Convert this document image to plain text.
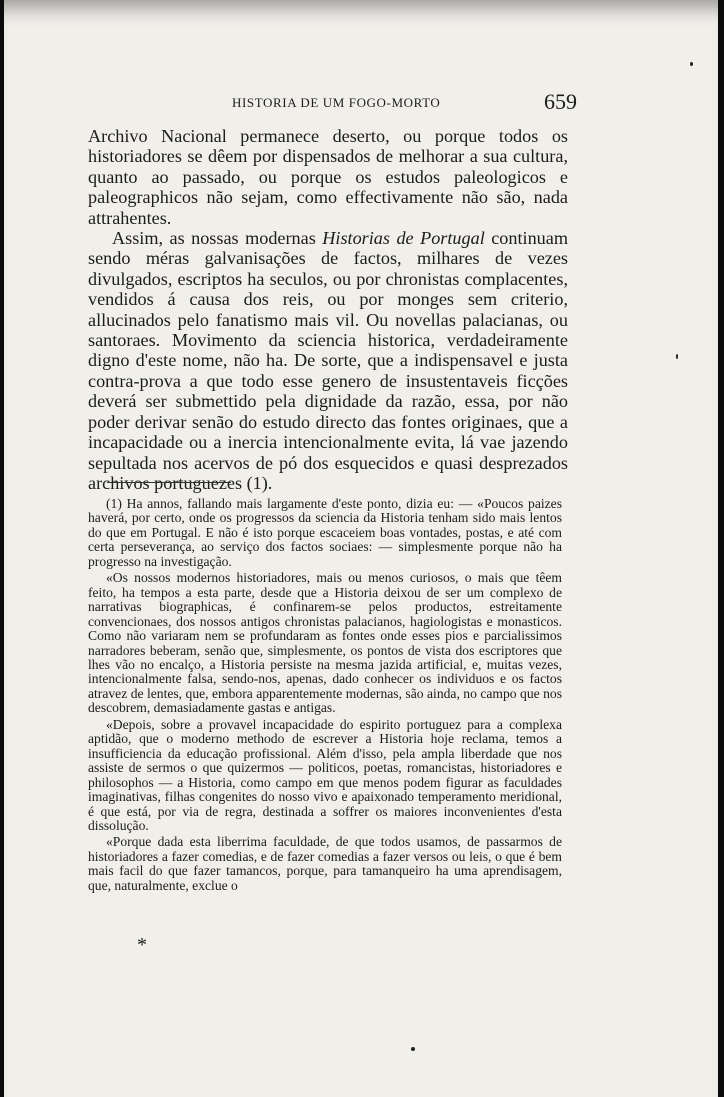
HISTORIA DE UM FOGO-MORTO	659

Archivo Nacional permanece deserto, ou porque todos os historiadores se dêem por dispensados de melhorar a sua cultura, quanto ao passado, ou porque os estudos paleologicos e paleographicos não sejam, como effectivamente não são, nada attrahentes.

Assim, as nossas modernas Historias de Portugal continuam sendo méras galvanisações de factos, milhares de vezes divulgados, escriptos ha seculos, ou por chronistas complacentes, vendidos á causa dos reis, ou por monges sem criterio, allucinados pelo fanatismo mais vil. Ou novellas palacianas, ou santoraes. Movimento da sciencia historica, verdadeiramente digno d'este nome, não ha. De sorte, que a indispensavel e justa contra-prova a que todo esse genero de insustentaveis ficções deverá ser submettido pela dignidade da razão, essa, por não poder derivar senão do estudo directo das fontes originaes, que a incapacidade ou a inercia intencionalmente evita, lá vae jazendo sepultada nos acervos de pó dos esquecidos e quasi desprezados archivos portuguezes (1).

(1) Ha annos, fallando mais largamente d'este ponto, dizia eu: — «Poucos paizes haverá, por certo, onde os progressos da sciencia da Historia tenham sido mais lentos do que em Portugal. E não é isto porque escaceiem boas vontades, postas, e até com certa perseverança, ao serviço dos factos sociaes: — simplesmente porque não ha progresso na investigação.

«Os nossos modernos historiadores, mais ou menos curiosos, o mais que têem feito, ha tempos a esta parte, desde que a Historia deixou de ser um complexo de narrativas biographicas, é confinarem-se pelos productos, estreitamente convencionaes, dos nossos antigos chronistas palacianos, hagiologistas e monasticos. Como não variaram nem se profundaram as fontes onde esses pios e parcialissimos narradores beberam, senão que, simplesmente, os pontos de vista dos escriptores que lhes vão no encalço, a Historia persiste na mesma jazida artificial, e, muitas vezes, intencionalmente falsa, sendo-nos, apenas, dado conhecer os individuos e os factos atravez de lentes, que, embora apparentemente modernas, são ainda, no campo que nos descobrem, demasiadamente gastas e antigas.

«Depois, sobre a provavel incapacidade do espirito portuguez para a complexa aptidão, que o moderno methodo de escrever a Historia hoje reclama, temos a insufficiencia da educação profissional. Além d'isso, pela ampla liberdade que nos assiste de sermos o que quizermos — politicos, poetas, romancistas, historiadores e philosophos — a Historia, como campo em que menos podem figurar as faculdades imaginativas, filhas congenites do nosso vivo e apaixonado temperamento meridional, é que está, por via de regra, destinada a soffrer os maiores inconvenientes d'esta dissolução.

«Porque dada esta liberrima faculdade, de que todos usamos, de passarmos de historiadores a fazer comedias, e de fazer comedias a fazer versos ou leis, o que é bem mais facil do que fazer tamancos, porque, para tamanqueiro ha uma aprendisagem, que, naturalmente, exclue o

*
